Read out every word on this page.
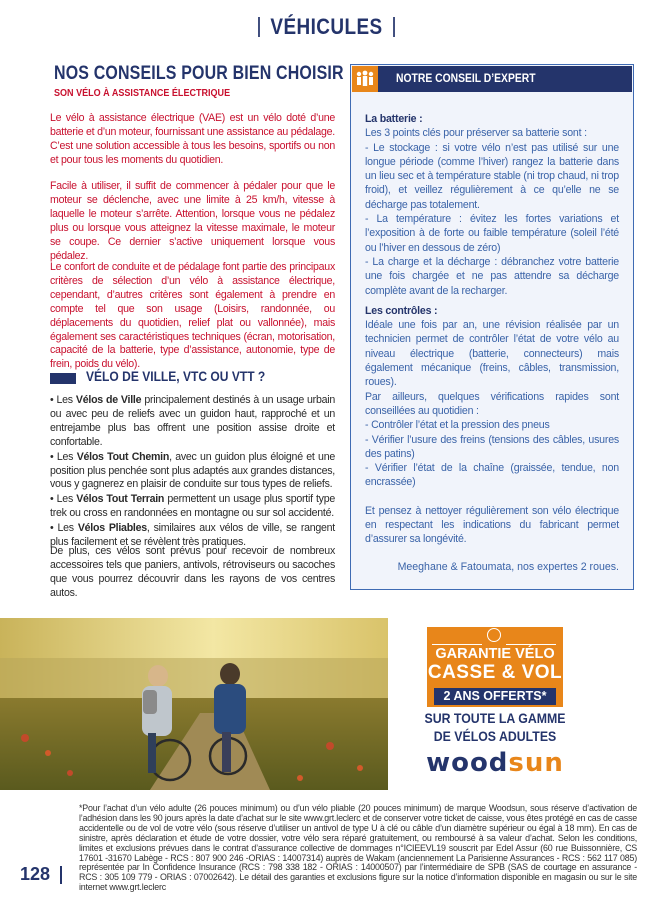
VÉHICULES
NOS CONSEILS POUR BIEN CHOISIR
SON VÉLO À ASSISTANCE ÉLECTRIQUE
Le vélo à assistance électrique (VAE) est un vélo doté d’une batterie et d’un moteur, fournissant une assistance au pédalage. C’est une solution accessible à tous les besoins, sportifs ou non et pour tous les moments du quotidien.
Facile à utiliser, il suffit de commencer à pédaler pour que le moteur se déclenche, avec une limite à 25 km/h, vitesse à laquelle le moteur s’arrête. Attention, lorsque vous ne pédalez plus ou lorsque vous atteignez la vitesse maximale, le moteur se coupe. Ce dernier s’active uniquement lorsque vous pédalez.
Le confort de conduite et de pédalage font partie des principaux critères de sélection d’un vélo à assistance électrique, cependant, d’autres critères sont également à prendre en compte tel que son usage (Loisirs, randonnée, ou déplacements du quotidien, relief plat ou vallonnée), mais également ses caractéristiques techniques (écran, motorisation, capacité de la batterie, type d’assistance, autonomie, type de frein, poids du vélo).
VÉLO DE VILLE, VTC OU VTT ?

• Les Vélos de Ville principalement destinés à un usage urbain ou avec peu de reliefs avec un guidon haut, rapproché et un entrejambe plus bas offrent une position assise droite et confortable.

• Les Vélos Tout Chemin, avec un guidon plus éloigné et une position plus penchée sont plus adaptés aux grandes distances, vous y gagnerez en plaisir de conduite sur tous types de reliefs.

• Les Vélos Tout Terrain permettent un usage plus sportif type trek ou cross en randonnées en montagne ou sur sol accidenté.

• Les Vélos Pliables, similaires aux vélos de ville, se rangent plus facilement et se révèlent très pratiques.

De plus, ces vélos sont prévus pour recevoir de nombreux accessoires tels que paniers, antivols, rétroviseurs ou sacoches que vous pourrez découvrir dans les rayons de vos centres autos.
NOTRE CONSEIL D’EXPERT

La batterie :

Les 3 points clés pour préserver sa batterie sont :

- Le stockage : si votre vélo n’est pas utilisé sur une longue période (comme l’hiver) rangez la batterie dans un lieu sec et à température stable (ni trop chaud, ni trop froid), et veillez régulièrement à ce qu’elle ne se décharge pas totalement.

- La température : évitez les fortes variations et l’exposition à de forte ou faible température (soleil l’été ou l’hiver en dessous de zéro)

- La charge et la décharge : débranchez votre batterie une fois chargée et ne pas attendre sa décharge complète avant de la recharger.

Les contrôles :

Idéale une fois par an, une révision réalisée par un technicien permet de contrôler l’état de votre vélo au niveau électrique (batterie, connecteurs) mais également mécanique (freins, câbles, transmission, roues).

Par ailleurs, quelques vérifications rapides sont conseillées au quotidien :

- Contrôler l’état et la pression des pneus

- Vérifier l’usure des freins (tensions des câbles, usures des patins)

- Vérifier l’état de la chaîne (graissée, tendue, non encrassée)

Et pensez à nettoyer régulièrement son vélo électrique en respectant les indications du fabricant permet d’assurer sa longévité.

Meeghane & Fatoumata, nos expertes 2 roues.
GARANTIE VÉLO
CASSE & VOL
2 ANS OFFERTS*
SUR TOUTE LA GAMME
DE VÉLOS ADULTES
woodsun
*Pour l’achat d’un vélo adulte (26 pouces minimum) ou d’un vélo pliable (20 pouces minimum) de marque Woodsun, sous réserve d’activation de l’adhésion dans les 90 jours après la date d’achat sur le site www.grt.leclerc et de conserver votre ticket de caisse, vous êtes protégé en cas de casse accidentelle ou de vol de votre vélo (sous réserve d’utiliser un antivol de type U à clé ou câble d’un diamètre supérieur ou égal à 18 mm). En cas de sinistre, après déclaration et étude de votre dossier, votre vélo sera réparé gratuitement, ou remboursé à sa valeur d’achat. Selon les conditions, limites et exclusions prévues dans le contrat d’assurance collective de dommages n°ICIEEVL19 souscrit par Edel Assur (60 rue Buissonnière, CS 17601 -31670 Labège - RCS : 807 900 246 -ORIAS : 14007314) auprès de Wakam (anciennement La Parisienne Assurances - RCS : 562 117 085) représentée par In Confidence Insurance (RCS : 798 338 182 - ORIAS : 14000507) par l’intermédiaire de SPB (SAS de courtage en assurance - RCS : 305 109 779 - ORIAS : 07002642). Le détail des garanties et exclusions figure sur la notice d’information disponible en magasin ou sur le site internet www.grt.leclerc
128
